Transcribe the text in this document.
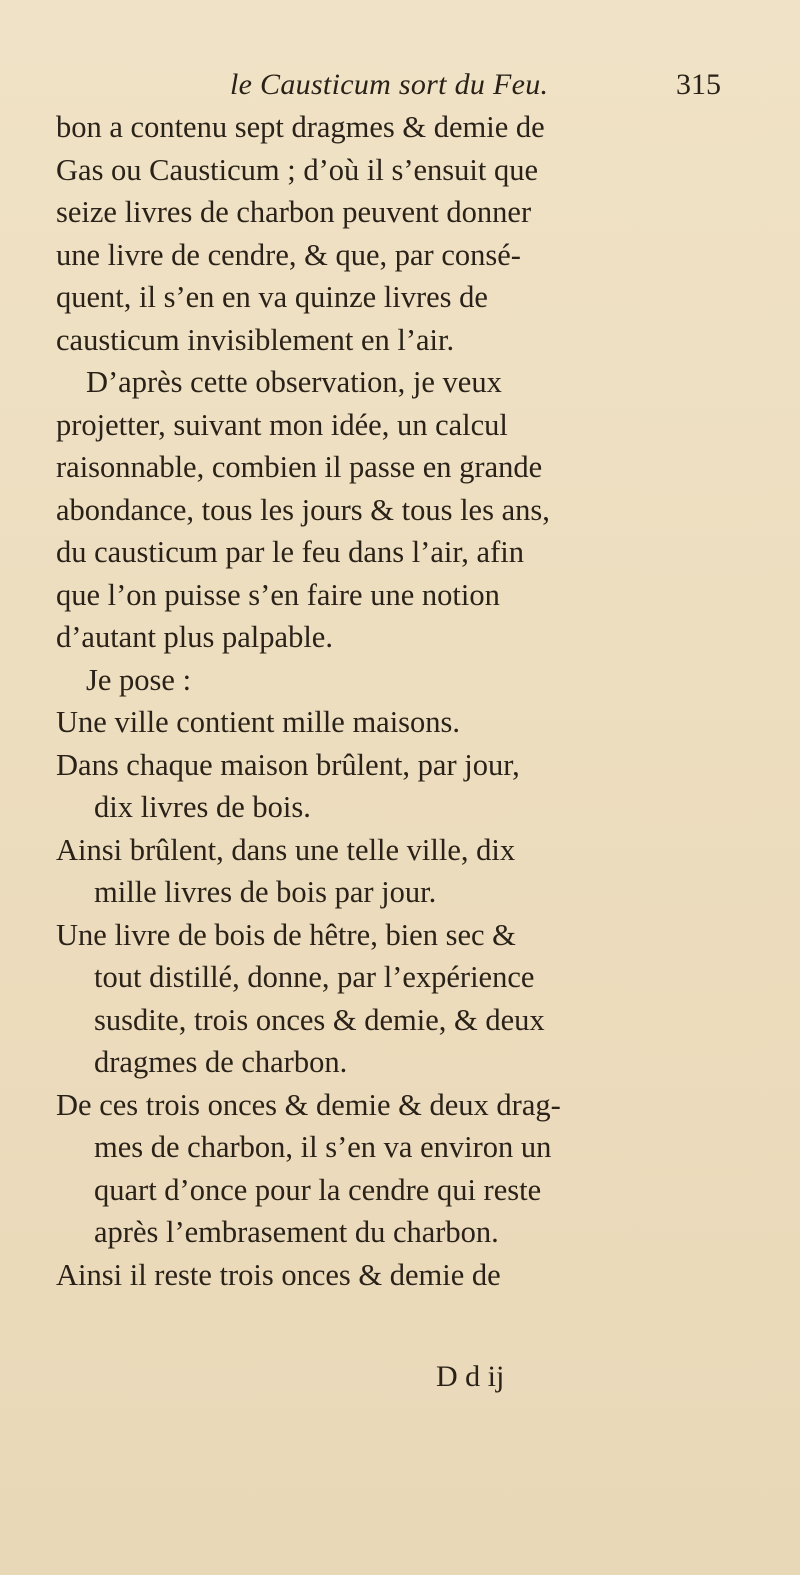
le Causticum sort du Feu.	315
bon a contenu sept dragmes & demie de
Gas ou Causticum ; d’où il s’ensuit que
seize livres de charbon peuvent donner
une livre de cendre, & que, par consé-
quent, il s’en en va quinze livres de
causticum invisiblement en l’air.
D’après cette observation, je veux
projetter, suivant mon idée, un calcul
raisonnable, combien il passe en grande
abondance, tous les jours & tous les ans,
du causticum par le feu dans l’air, afin
que l’on puisse s’en faire une notion
d’autant plus palpable.
Je pose :
Une ville contient mille maisons.
Dans chaque maison brûlent, par jour,
dix livres de bois.
Ainsi brûlent, dans une telle ville, dix
mille livres de bois par jour.
Une livre de bois de hêtre, bien sec &
tout distillé, donne, par l’expérience
susdite, trois onces & demie, & deux
dragmes de charbon.
De ces trois onces & demie & deux drag-
mes de charbon, il s’en va environ un
quart d’once pour la cendre qui reste
après l’embrasement du charbon.
Ainsi il reste trois onces & demie de
D d ij
